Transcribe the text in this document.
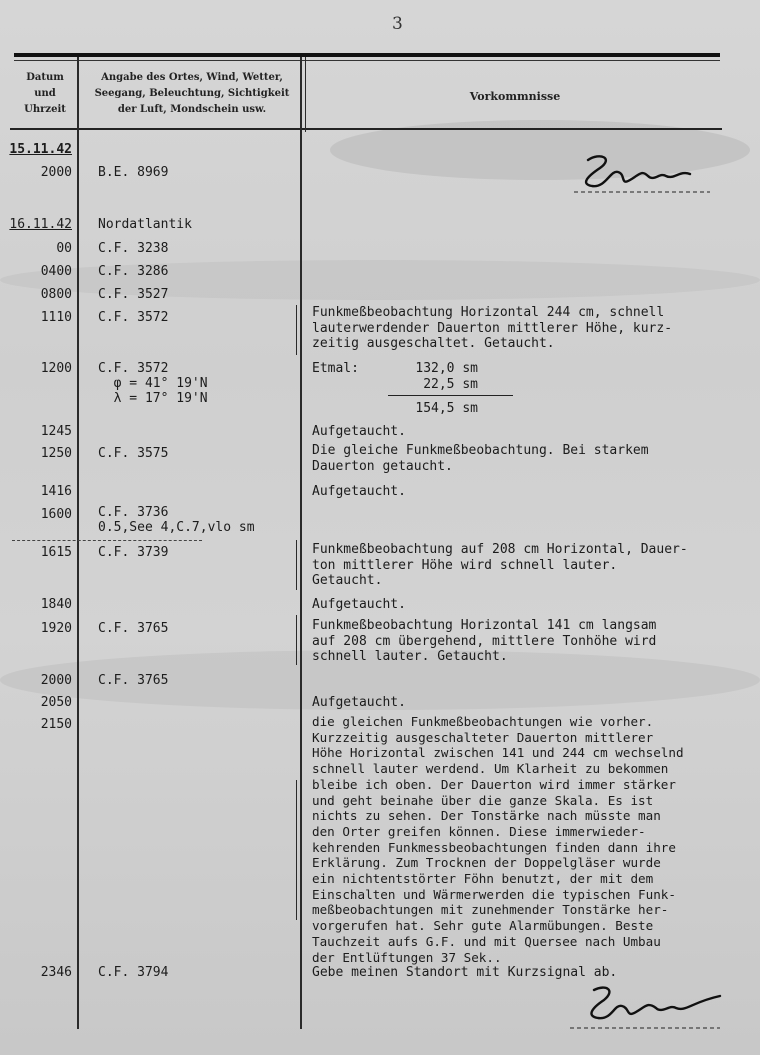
3
Datum
und
Uhrzeit
Angabe des Ortes, Wind, Wetter,
Seegang, Beleuchtung, Sichtigkeit
der Luft, Mondschein usw.
Vorkommnisse
15.11.42
2000 B.E. 8969
16.11.42 Nordatlantik
00 C.F. 3238
0400 C.F. 3286
0800 C.F. 3527
1110 C.F. 3572	Funkmeßbeobachtung Horizontal 244 cm, schnell
lauterwerdender Dauerton mittlerer Höhe, kurz-
zeitig ausgeschaltet. Getaucht.
1200 C.F. 3572
φ = 41° 19'N
λ = 17° 19'N
Etmal:	132,0 sm
22,5 sm
154,5 sm
1245	Aufgetaucht.
1250 C.F. 3575	Die gleiche Funkmeßbeobachtung. Bei starkem
Dauerton getaucht.
1416	Aufgetaucht.
1600 C.F. 3736
0.5,See 4,C.7,vlo sm
1615 C.F. 3739	Funkmeßbeobachtung auf 208 cm Horizontal, Dauer-
ton mittlerer Höhe wird schnell lauter.
Getaucht.
1840	Aufgetaucht.
1920 C.F. 3765	Funkmeßbeobachtung Horizontal 141 cm langsam
auf 208 cm übergehend, mittlere Tonhöhe wird
schnell lauter. Getaucht.
2000 C.F. 3765
2050	Aufgetaucht.
2150	die gleichen Funkmeßbeobachtungen wie vorher.
Kurzzeitig ausgeschalteter Dauerton mittlerer
Höhe Horizontal zwischen 141 und 244 cm wechselnd
schnell lauter werdend. Um Klarheit zu bekommen
bleibe ich oben. Der Dauerton wird immer stärker
und geht beinahe über die ganze Skala. Es ist
nichts zu sehen. Der Tonstärke nach müsste man
den Orter greifen können. Diese immerwieder-
kehrenden Funkmessbeobachtungen finden dann ihre
Erklärung. Zum Trocknen der Doppelgläser wurde
ein nichtentstörter Föhn benutzt, der mit dem
Einschalten und Wärmerwerden die typischen Funk-
meßbeobachtungen mit zunehmender Tonstärke her-
vorgerufen hat. Sehr gute Alarmübungen. Beste
Tauchzeit aufs G.F. und mit Quersee nach Umbau
der Entlüftungen 37 Sek..
2346 C.F. 3794	Gebe meinen Standort mit Kurzsignal ab.
